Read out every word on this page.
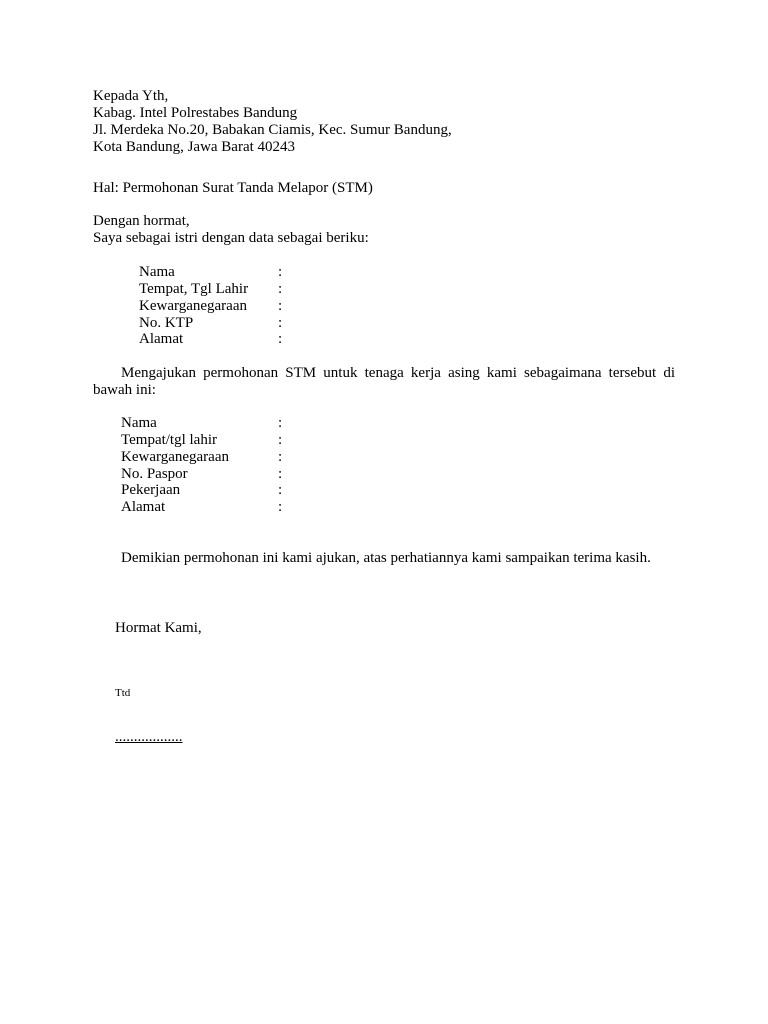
Kepada Yth,
Kabag. Intel Polrestabes Bandung
Jl. Merdeka No.20, Babakan Ciamis, Kec. Sumur Bandung,
Kota Bandung, Jawa Barat 40243
Hal: Permohonan Surat Tanda Melapor (STM)
Dengan hormat,
Saya sebagai istri dengan data sebagai beriku:
Nama	:
Tempat, Tgl Lahir :
Kewarganegaraan :
No. KTP	:
Alamat	:
Mengajukan permohonan STM untuk tenaga kerja asing kami sebagaimana tersebut di bawah ini:
Nama	:
Tempat/tgl lahir	:
Kewarganegaraan	:
No. Paspor	:
Pekerjaan	:
Alamat	:
Demikian permohonan ini kami ajukan, atas perhatiannya kami sampaikan terima kasih.
Hormat Kami,
Ttd
..................
